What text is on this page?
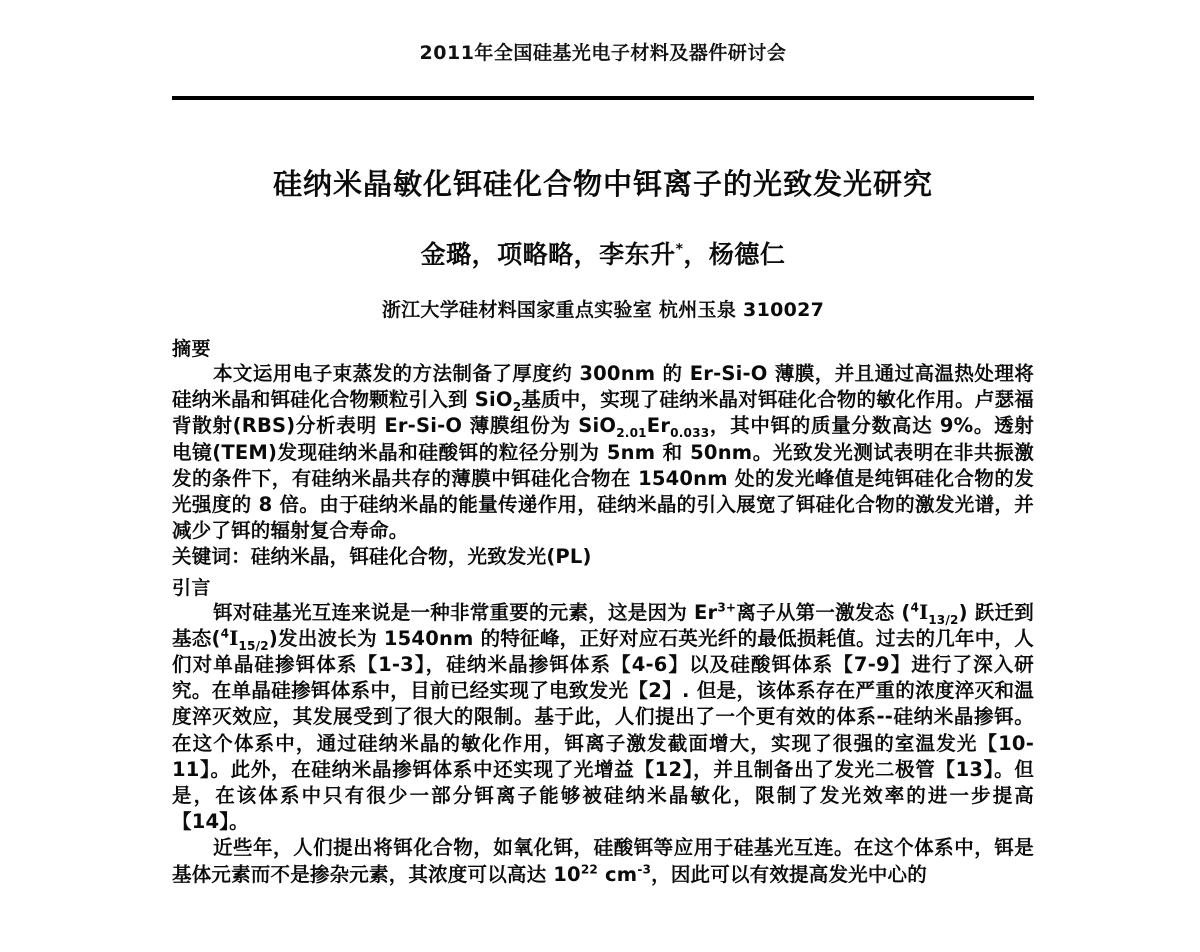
2011年全国硅基光电子材料及器件研讨会
硅纳米晶敏化铒硅化合物中铒离子的光致发光研究
金璐，项略略，李东升*，杨德仁
浙江大学硅材料国家重点实验室 杭州玉泉 310027
摘要

本文运用电子束蒸发的方法制备了厚度约 300nm 的 Er-Si-O 薄膜，并且通过高温热处理将硅纳米晶和铒硅化合物颗粒引入到 SiO$_2$基质中，实现了硅纳米晶对铒硅化合物的敏化作用。卢瑟福背散射(RBS)分析表明 Er-Si-O 薄膜组份为 $SiO_{2.01}Er_{0.033}$，其中铒的质量分数高达 9%。透射电镜(TEM)发现硅纳米晶和硅酸铒的粒径分别为 5nm 和 50nm。光致发光测试表明在非共振激发的条件下，有硅纳米晶共存的薄膜中铒硅化合物在 1540nm 处的发光峰值是纯铒硅化合物的发光强度的 8 倍。由于硅纳米晶的能量传递作用，硅纳米晶的引入展宽了铒硅化合物的激发光谱，并减少了铒的辐射复合寿命。

关键词：硅纳米晶，铒硅化合物，光致发光(PL)

引言

铒对硅基光互连来说是一种非常重要的元素，这是因为 $Er^{3+}$离子从第一激发态 $(^4I_{13/2})$ 跃迁到基态$(^4I_{15/2})$发出波长为 1540nm 的特征峰，正好对应石英光纤的最低损耗值。过去的几年中，人们对单晶硅掺铒体系【1-3】，硅纳米晶掺铒体系【4-6】以及硅酸铒体系【7-9】进行了深入研究。在单晶硅掺铒体系中，目前已经实现了电致发光【2】. 但是，该体系存在严重的浓度淬灭和温度淬灭效应，其发展受到了很大的限制。基于此，人们提出了一个更有效的体系--硅纳米晶掺铒。在这个体系中，通过硅纳米晶的敏化作用，铒离子激发截面增大，实现了很强的室温发光【10-11】。此外，在硅纳米晶掺铒体系中还实现了光增益【12】，并且制备出了发光二极管【13】。但是，在该体系中只有很少一部分铒离子能够被硅纳米晶敏化，限制了发光效率的进一步提高【14】。

近些年，人们提出将铒化合物，如氧化铒，硅酸铒等应用于硅基光互连。在这个体系中，铒是基体元素而不是掺杂元素，其浓度可以高达 $10^{22}$ $cm^{-3}$，因此可以有效提高发光中心的
